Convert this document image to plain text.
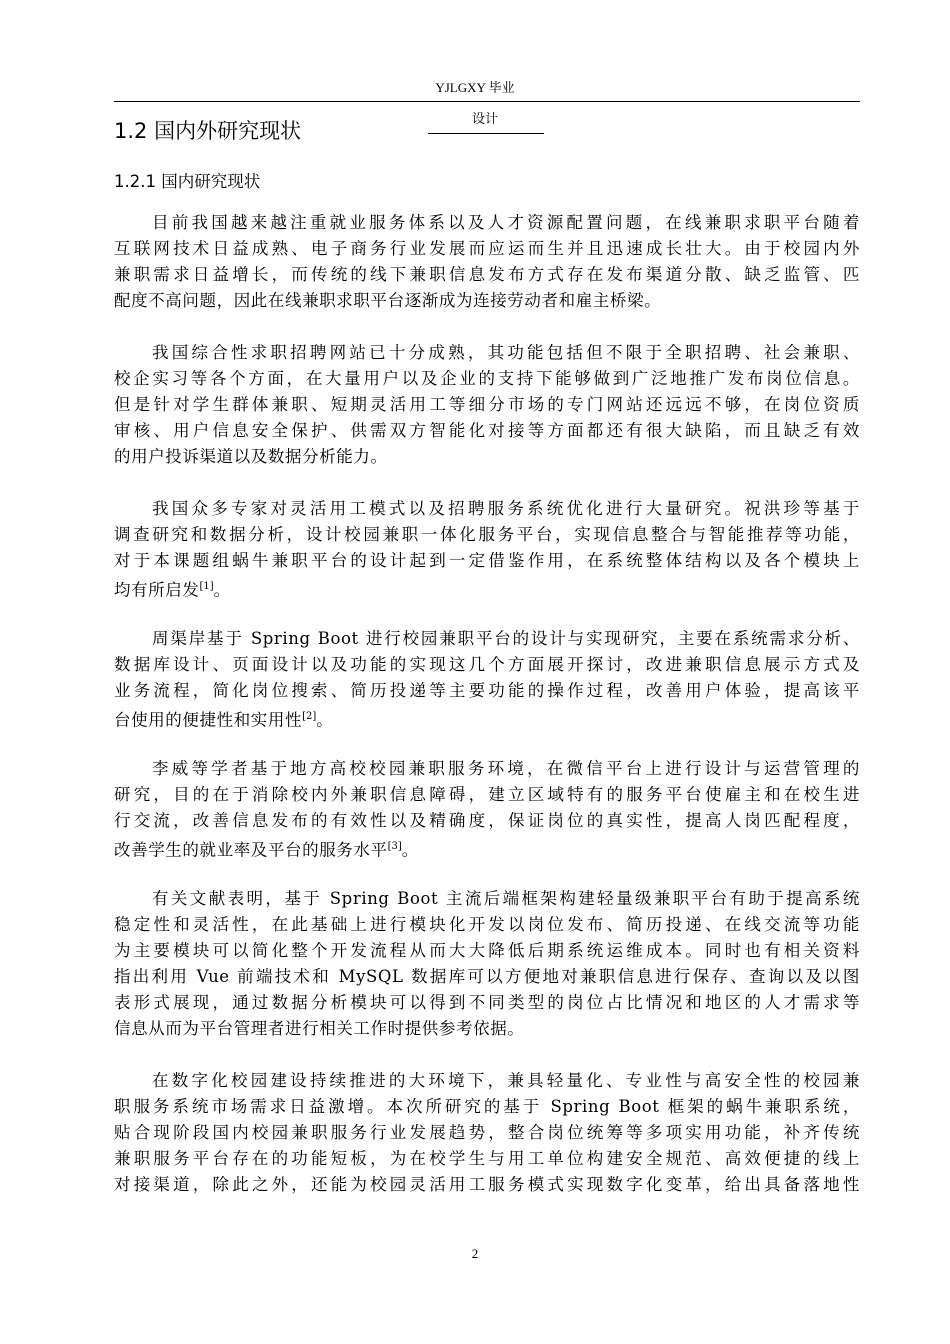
YJLGXY 毕业
设计
1.2 国内外研究现状
1.2.1 国内研究现状
目前我国越来越注重就业服务体系以及人才资源配置问题，在线兼职求职平台随着
互联网技术日益成熟、电子商务行业发展而应运而生并且迅速成长壮大。由于校园内外
兼职需求日益增长，而传统的线下兼职信息发布方式存在发布渠道分散、缺乏监管、匹
配度不高问题，因此在线兼职求职平台逐渐成为连接劳动者和雇主桥梁。
我国综合性求职招聘网站已十分成熟，其功能包括但不限于全职招聘、社会兼职、
校企实习等各个方面，在大量用户以及企业的支持下能够做到广泛地推广发布岗位信息。
但是针对学生群体兼职、短期灵活用工等细分市场的专门网站还远远不够，在岗位资质
审核、用户信息安全保护、供需双方智能化对接等方面都还有很大缺陷，而且缺乏有效
的用户投诉渠道以及数据分析能力。
我国众多专家对灵活用工模式以及招聘服务系统优化进行大量研究。祝洪珍等基于
调查研究和数据分析，设计校园兼职一体化服务平台，实现信息整合与智能推荐等功能，
对于本课题组蜗牛兼职平台的设计起到一定借鉴作用，在系统整体结构以及各个模块上
均有所启发[1]。
周渠岸基于 Spring Boot 进行校园兼职平台的设计与实现研究，主要在系统需求分析、
数据库设计、页面设计以及功能的实现这几个方面展开探讨，改进兼职信息展示方式及
业务流程，简化岗位搜索、简历投递等主要功能的操作过程，改善用户体验，提高该平
台使用的便捷性和实用性[2]。
李威等学者基于地方高校校园兼职服务环境，在微信平台上进行设计与运营管理的
研究，目的在于消除校内外兼职信息障碍，建立区域特有的服务平台使雇主和在校生进
行交流，改善信息发布的有效性以及精确度，保证岗位的真实性，提高人岗匹配程度，
改善学生的就业率及平台的服务水平[3]。
有关文献表明，基于 Spring Boot 主流后端框架构建轻量级兼职平台有助于提高系统
稳定性和灵活性，在此基础上进行模块化开发以岗位发布、简历投递、在线交流等功能
为主要模块可以简化整个开发流程从而大大降低后期系统运维成本。同时也有相关资料
指出利用 Vue 前端技术和 MySQL 数据库可以方便地对兼职信息进行保存、查询以及以图
表形式展现，通过数据分析模块可以得到不同类型的岗位占比情况和地区的人才需求等
信息从而为平台管理者进行相关工作时提供参考依据。
在数字化校园建设持续推进的大环境下，兼具轻量化、专业性与高安全性的校园兼
职服务系统市场需求日益激增。本次所研究的基于 Spring Boot 框架的蜗牛兼职系统，
贴合现阶段国内校园兼职服务行业发展趋势，整合岗位统筹等多项实用功能，补齐传统
兼职服务平台存在的功能短板，为在校学生与用工单位构建安全规范、高效便捷的线上
对接渠道，除此之外，还能为校园灵活用工服务模式实现数字化变革，给出具备落地性
2
